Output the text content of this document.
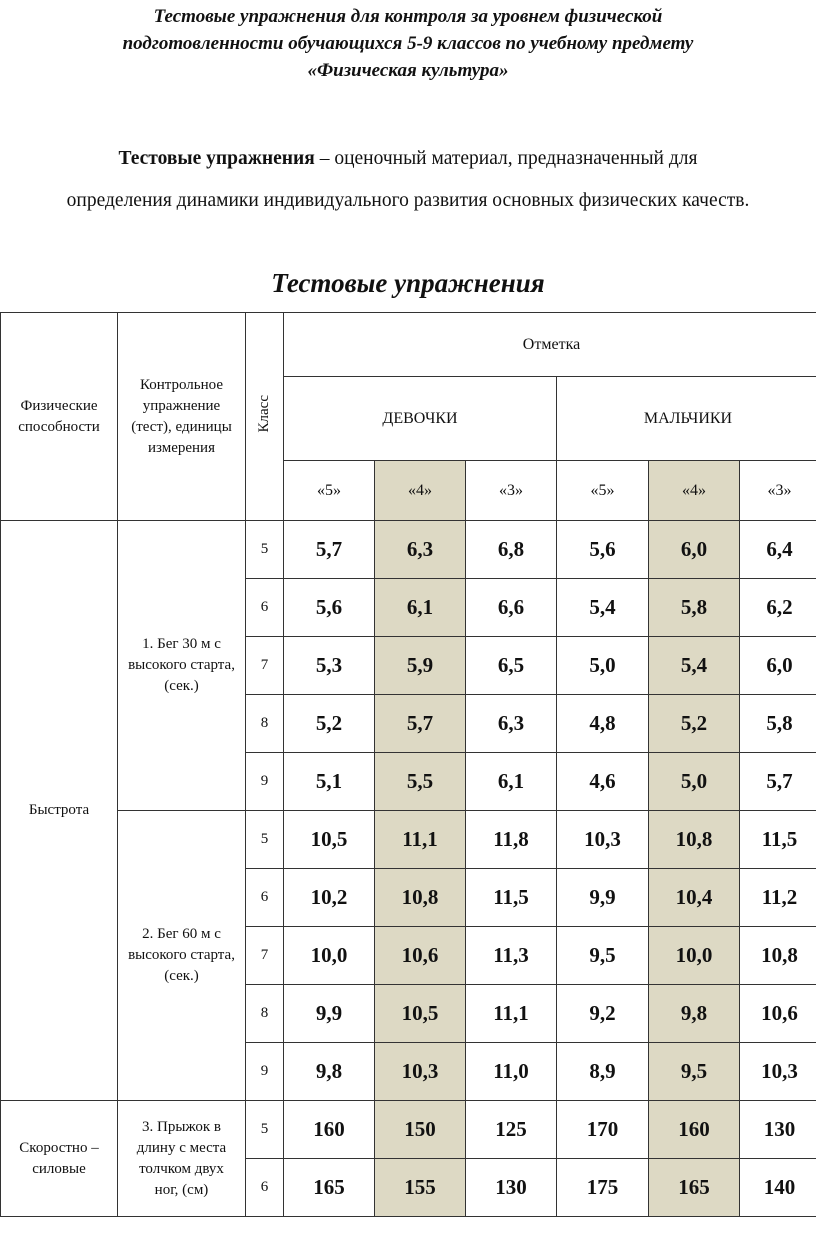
Тестовые упражнения для контроля за уровнем физической
подготовленности обучающихся 5-9 классов по учебному предмету
«Физическая культура»
Тестовые упражнения – оценочный материал, предназначенный для
определения динамики индивидуального развития основных физических качеств.
Тестовые упражнения
Физические способности	Контрольное упражнение (тест), единицы измерения	Класс	Отметка					
			ДЕВОЧКИ			МАЛЬЧИКИ		
			«5»	«4»	«3»	«5»	«4»	«3»
Быстрота	1. Бег 30 м с высокого старта, (сек.)	5	5,7	6,3	6,8	5,6	6,0	6,4
		6	5,6	6,1	6,6	5,4	5,8	6,2
		7	5,3	5,9	6,5	5,0	5,4	6,0
		8	5,2	5,7	6,3	4,8	5,2	5,8
		9	5,1	5,5	6,1	4,6	5,0	5,7
	2. Бег 60 м с высокого старта, (сек.)	5	10,5	11,1	11,8	10,3	10,8	11,5
		6	10,2	10,8	11,5	9,9	10,4	11,2
		7	10,0	10,6	11,3	9,5	10,0	10,8
		8	9,9	10,5	11,1	9,2	9,8	10,6
		9	9,8	10,3	11,0	8,9	9,5	10,3
Скоростно – силовые	3. Прыжок в длину с места толчком двух ног, (см)	5	160	150	125	170	160	130
		6	165	155	130	175	165	140
